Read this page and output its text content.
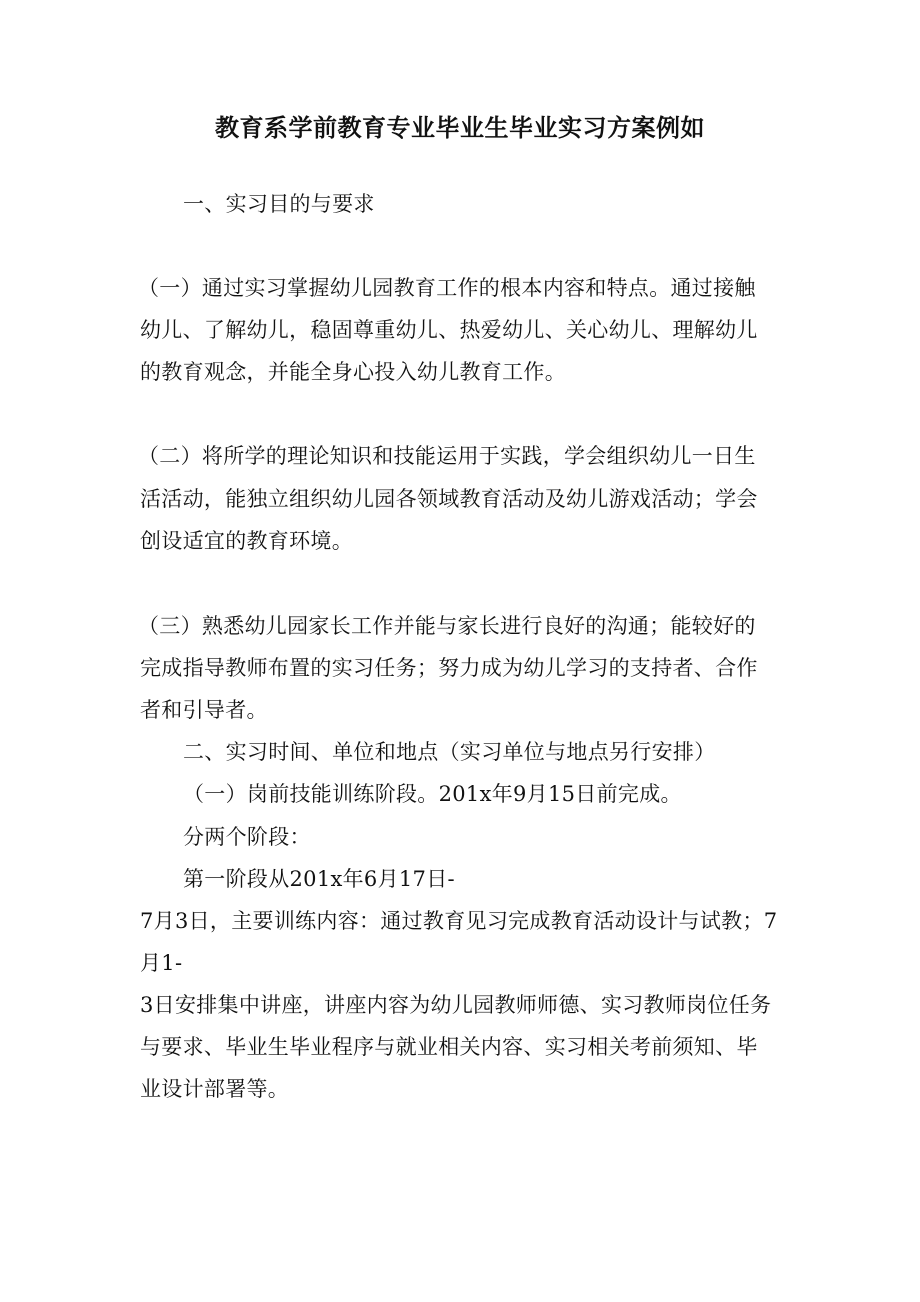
教育系学前教育专业毕业生毕业实习方案例如
一、实习目的与要求
（一）通过实习掌握幼儿园教育工作的根本内容和特点。通过接触
幼儿、了解幼儿，稳固尊重幼儿、热爱幼儿、关心幼儿、理解幼儿
的教育观念，并能全身心投入幼儿教育工作。
（二）将所学的理论知识和技能运用于实践，学会组织幼儿一日生
活活动，能独立组织幼儿园各领域教育活动及幼儿游戏活动；学会
创设适宜的教育环境。
（三）熟悉幼儿园家长工作并能与家长进行良好的沟通；能较好的
完成指导教师布置的实习任务；努力成为幼儿学习的支持者、合作
者和引导者。
二、实习时间、单位和地点（实习单位与地点另行安排）
（一）岗前技能训练阶段。201x年9月15日前完成。
分两个阶段：
第一阶段从201x年6月17日-
7月3日，主要训练内容：通过教育见习完成教育活动设计与试教；7
月1-
3日安排集中讲座，讲座内容为幼儿园教师师德、实习教师岗位任务
与要求、毕业生毕业程序与就业相关内容、实习相关考前须知、毕
业设计部署等。
